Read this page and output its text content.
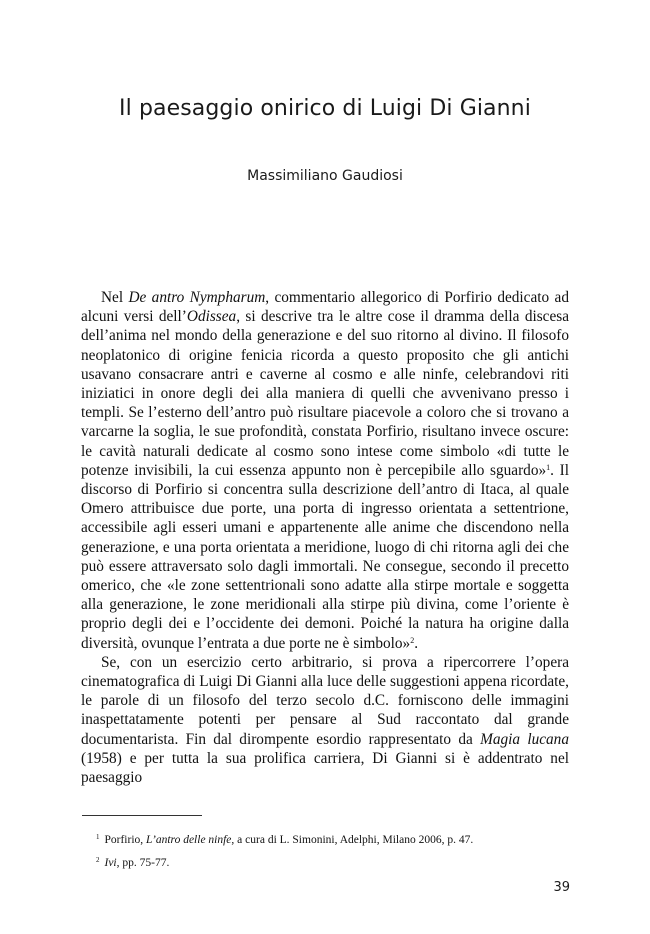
Il paesaggio onirico di Luigi Di Gianni
Massimiliano Gaudiosi

Nel De antro Nympharum, commentario allegorico di Porfirio dedicato ad alcuni versi dell’Odissea, si descrive tra le altre cose il dramma della discesa dell’anima nel mondo della generazione e del suo ritorno al divino. Il filosofo neoplatonico di origine fenicia ricorda a questo proposito che gli antichi usavano consacrare antri e caverne al cosmo e alle ninfe, celebrandovi riti iniziatici in onore degli dei alla maniera di quelli che avvenivano presso i templi. Se l’esterno dell’antro può risultare piacevole a coloro che si trovano a varcarne la soglia, le sue profondità, constata Porfirio, risultano invece oscure: le cavità naturali dedicate al cosmo sono intese come simbolo «di tutte le potenze invisibili, la cui essenza appunto non è percepibile allo sguardo»$^1$. Il discorso di Porfirio si concentra sulla descrizione dell’antro di Itaca, al quale Omero attribuisce due porte, una porta di ingresso orientata a settentrione, accessibile agli esseri umani e appartenente alle anime che discendono nella generazione, e una porta orientata a meridione, luogo di chi ritorna agli dei che può essere attraversato solo dagli immortali. Ne consegue, secondo il precetto omerico, che «le zone settentrionali sono adatte alla stirpe mortale e soggetta alla generazione, le zone meridionali alla stirpe più divina, come l’oriente è proprio degli dei e l’occidente dei demoni. Poiché la natura ha origine dalla diversità, ovunque l’entrata a due porte ne è simbolo»$^2$.

Se, con un esercizio certo arbitrario, si prova a ripercorrere l’opera cinematografica di Luigi Di Gianni alla luce delle suggestioni appena ricordate, le parole di un filosofo del terzo secolo d.C. forniscono delle immagini inaspettatamente potenti per pensare al Sud raccontato dal grande documentarista. Fin dal dirompente esordio rappresentato da Magia lucana (1958) e per tutta la sua prolifica carriera, Di Gianni si è addentrato nel paesaggio

$^1$ Porfirio, L’antro delle ninfe, a cura di L. Simonini, Adelphi, Milano 2006, p. 47.
$^2$ Ivi, pp. 75-77.
39
